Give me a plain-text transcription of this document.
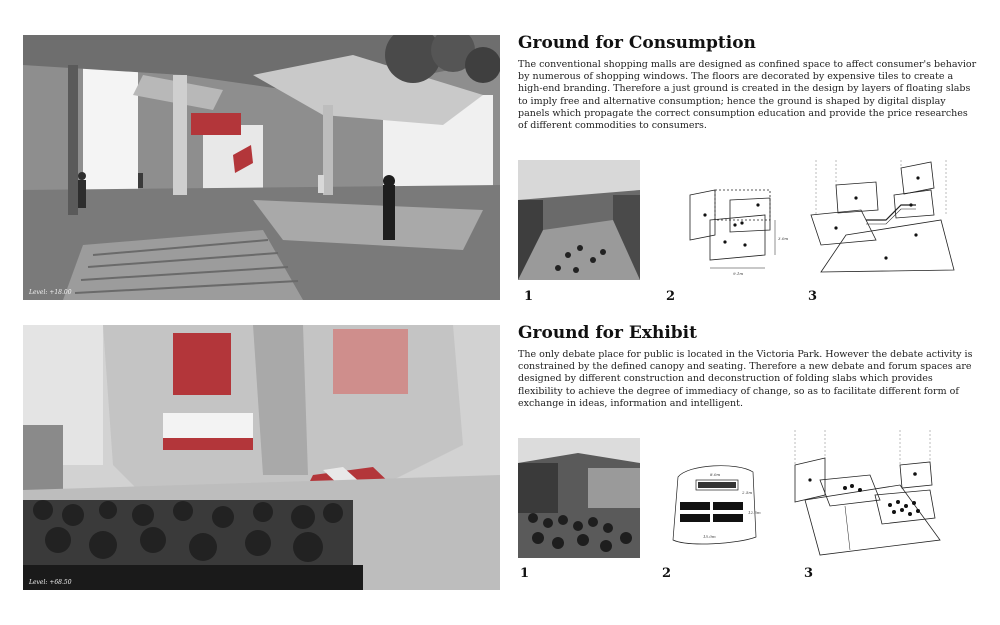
Level: +18.00
Ground for Consumption

The conventional shopping malls are designed as confined space to affect consumer's behavior by numerous of shopping windows. The floors are decorated by expensive tiles to create a high-end branding. Therefore a just ground is created in the design by layers of floating slabs to imply free and alternative consumption; hence the ground is shaped by digital display panels which propagate the correct consumption education and provide the price researches of different commodities to consumers.

3.0m
9.1m
1	2	3
Level: +68.50
Ground for Exhibit

The only debate place for public is located in the Victoria Park. However the debate activity is constrained by the defined canopy and seating. Therefore a new debate and forum spaces are designed by different construction and deconstruction of folding slabs which provides flexibility to achieve the degree of immediacy of change, so as to facilitate different form of exchange in ideas, information and intelligent.

8.0m
2.5m
12.5m
15.0m
1	2	3
